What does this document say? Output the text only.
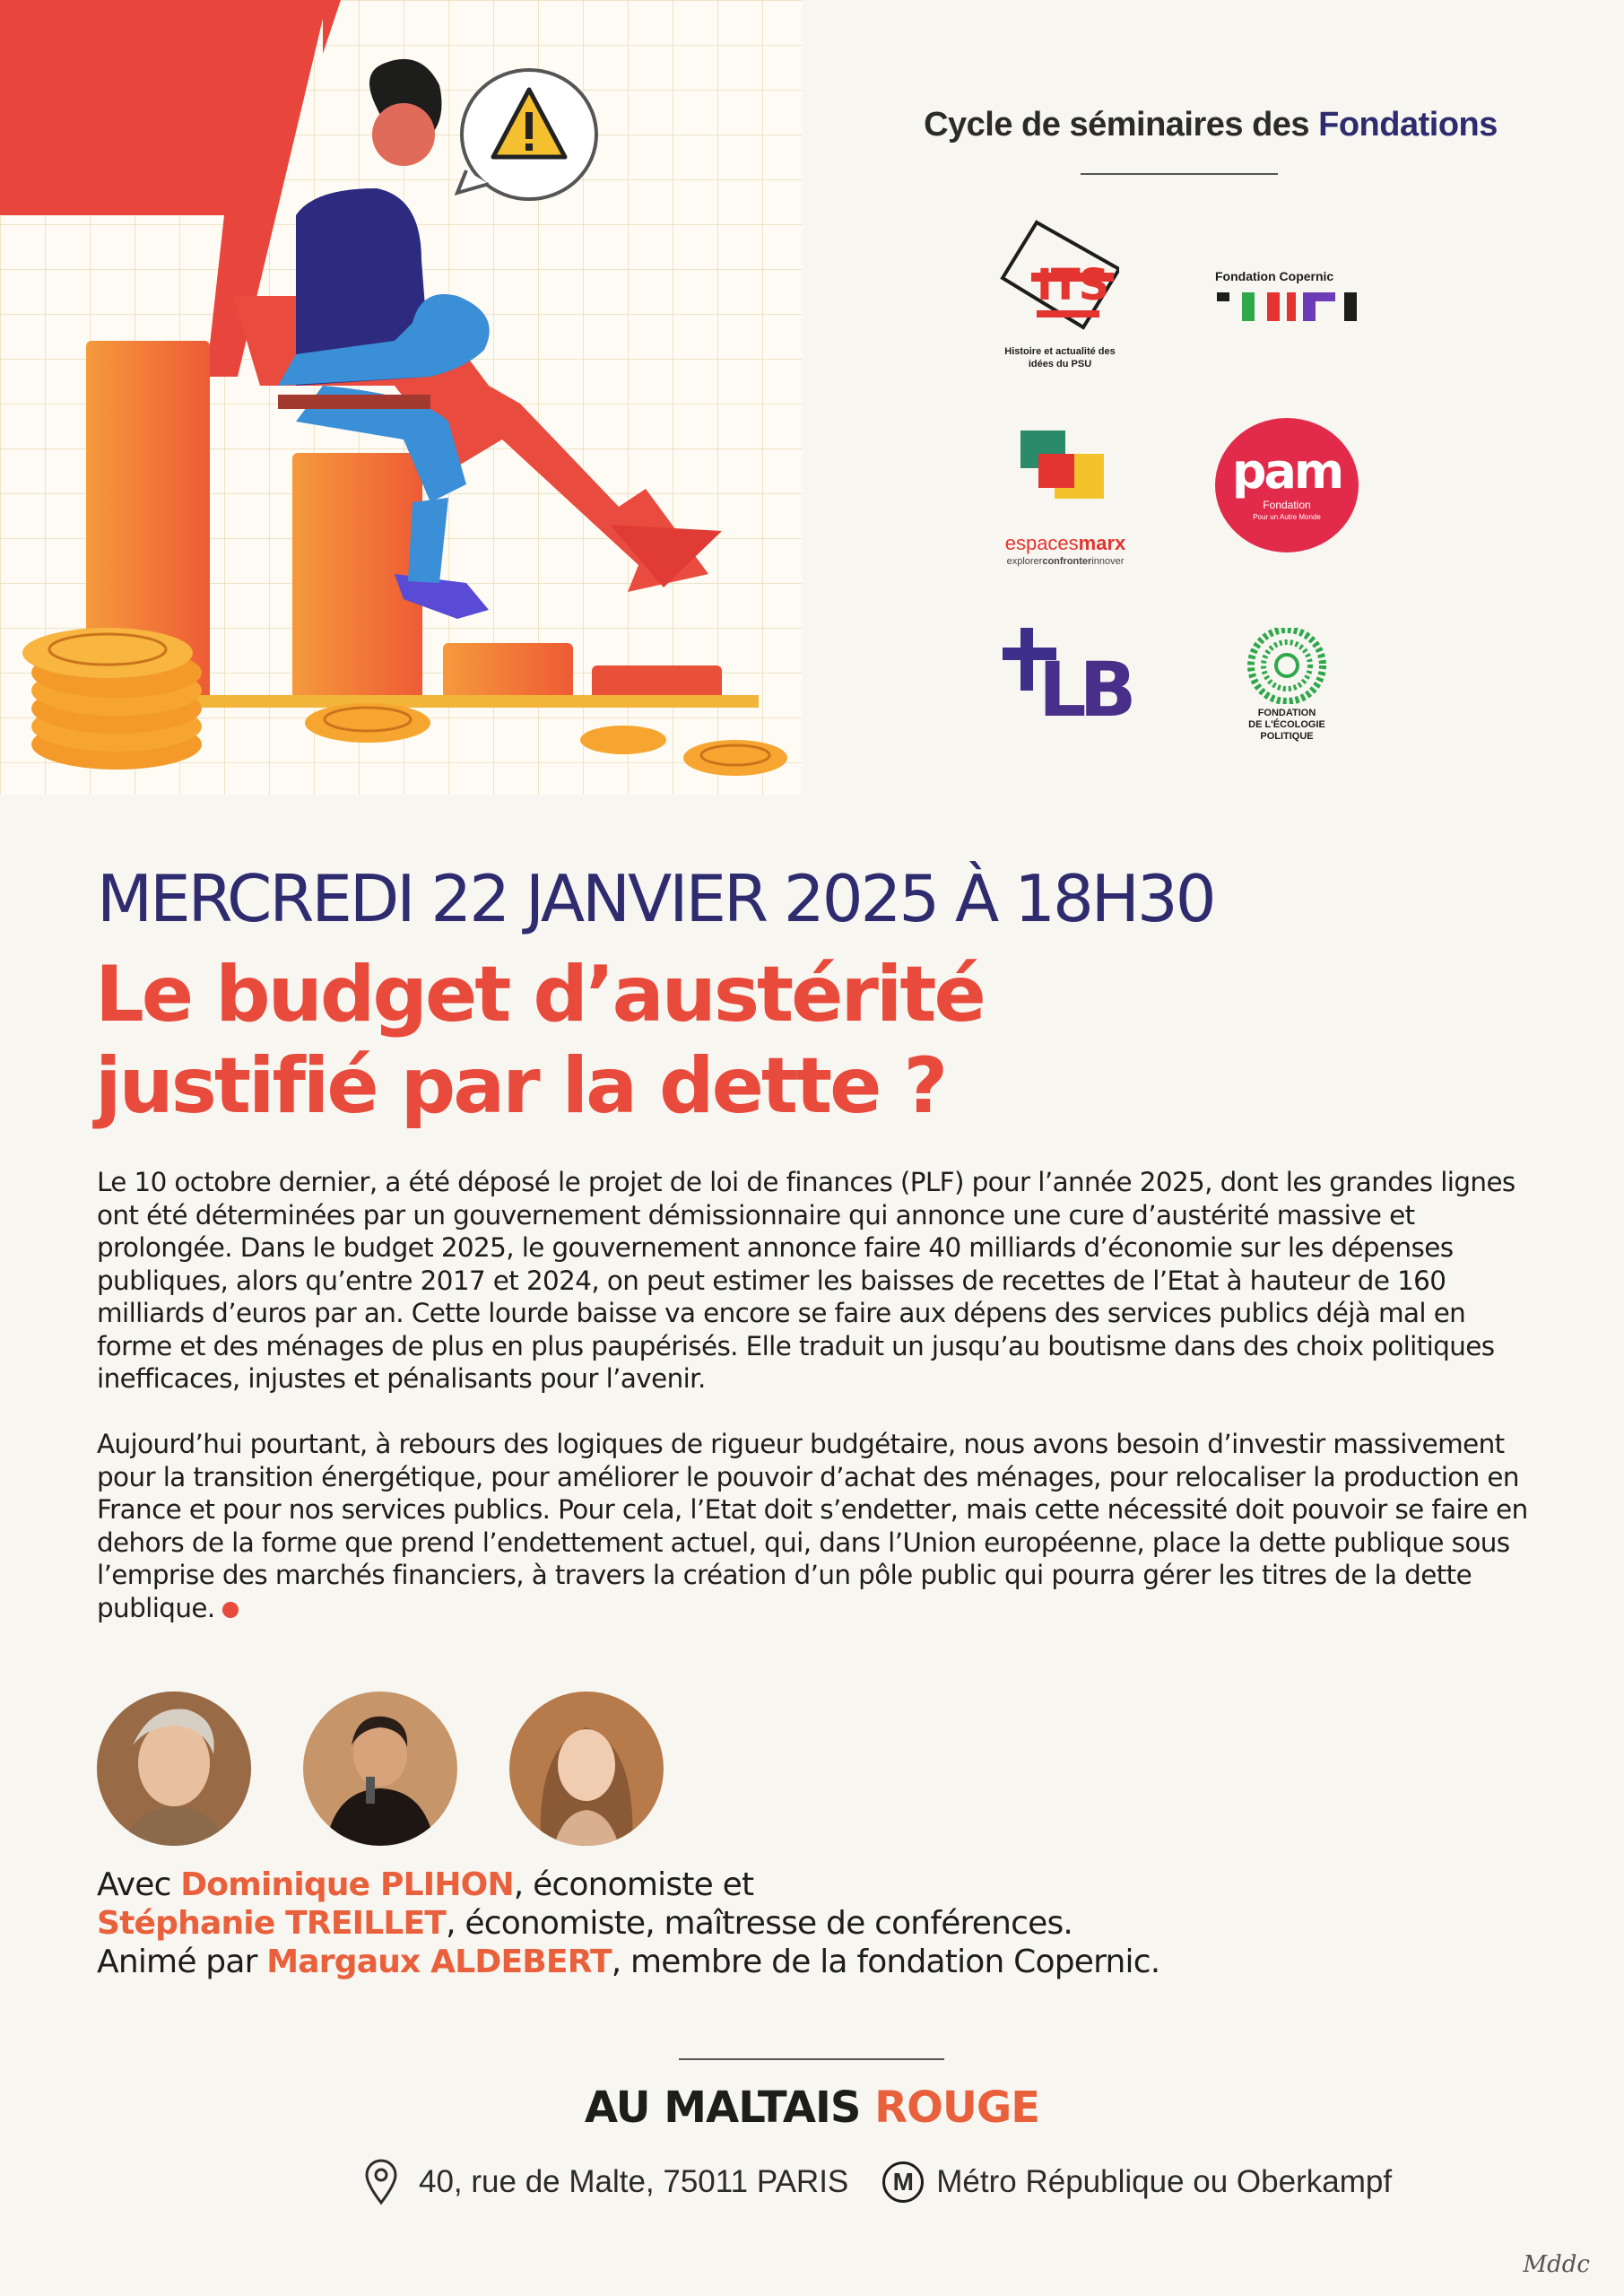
Cycle de séminaires des Fondations
ITS
Histoire et actualité des idées du PSU
Fondation Copernic
espacesmarx
explorerconfronterinnover
pam
Fondation
Pour un Autre Monde
LB	FONDATION
DE L'ÉCOLOGIE
POLITIQUE
MERCREDI 22 JANVIER 2025 À 18H30
Le budget d’austérité
justifié par la dette ?
Le 10 octobre dernier, a été déposé le projet de loi de finances (PLF) pour l’année 2025, dont les grandes lignes ont été déterminées par un gouvernement démissionnaire qui annonce une cure d’austérité massive et prolongée. Dans le budget 2025, le gouvernement annonce faire 40 milliards d’économie sur les dépenses publiques, alors qu’entre 2017 et 2024, on peut estimer les baisses de recettes de l’Etat à hauteur de 160 milliards d’euros par an. Cette lourde baisse va encore se faire aux dépens des services publics déjà mal en forme et des ménages de plus en plus paupérisés. Elle traduit un jusqu’au boutisme dans des choix politiques inefficaces, injustes et pénalisants pour l’avenir.
Aujourd’hui pourtant, à rebours des logiques de rigueur budgétaire, nous avons besoin d’investir massivement pour la transition énergétique, pour améliorer le pouvoir d’achat des ménages, pour relocaliser la production en France et pour nos services publics. Pour cela, l’Etat doit s’endetter, mais cette nécessité doit pouvoir se faire en dehors de la forme que prend l’endettement actuel, qui, dans l’Union européenne, place la dette publique sous l’emprise des marchés financiers, à travers la création d’un pôle public qui pourra gérer les titres de la dette publique.
Avec Dominique PLIHON, économiste et
Stéphanie TREILLET, économiste, maîtresse de conférences.
Animé par Margaux ALDEBERT, membre de la fondation Copernic.
AU MALTAIS ROUGE
40, rue de Malte, 75011 PARIS	M Métro République ou Oberkampf
Mddc
